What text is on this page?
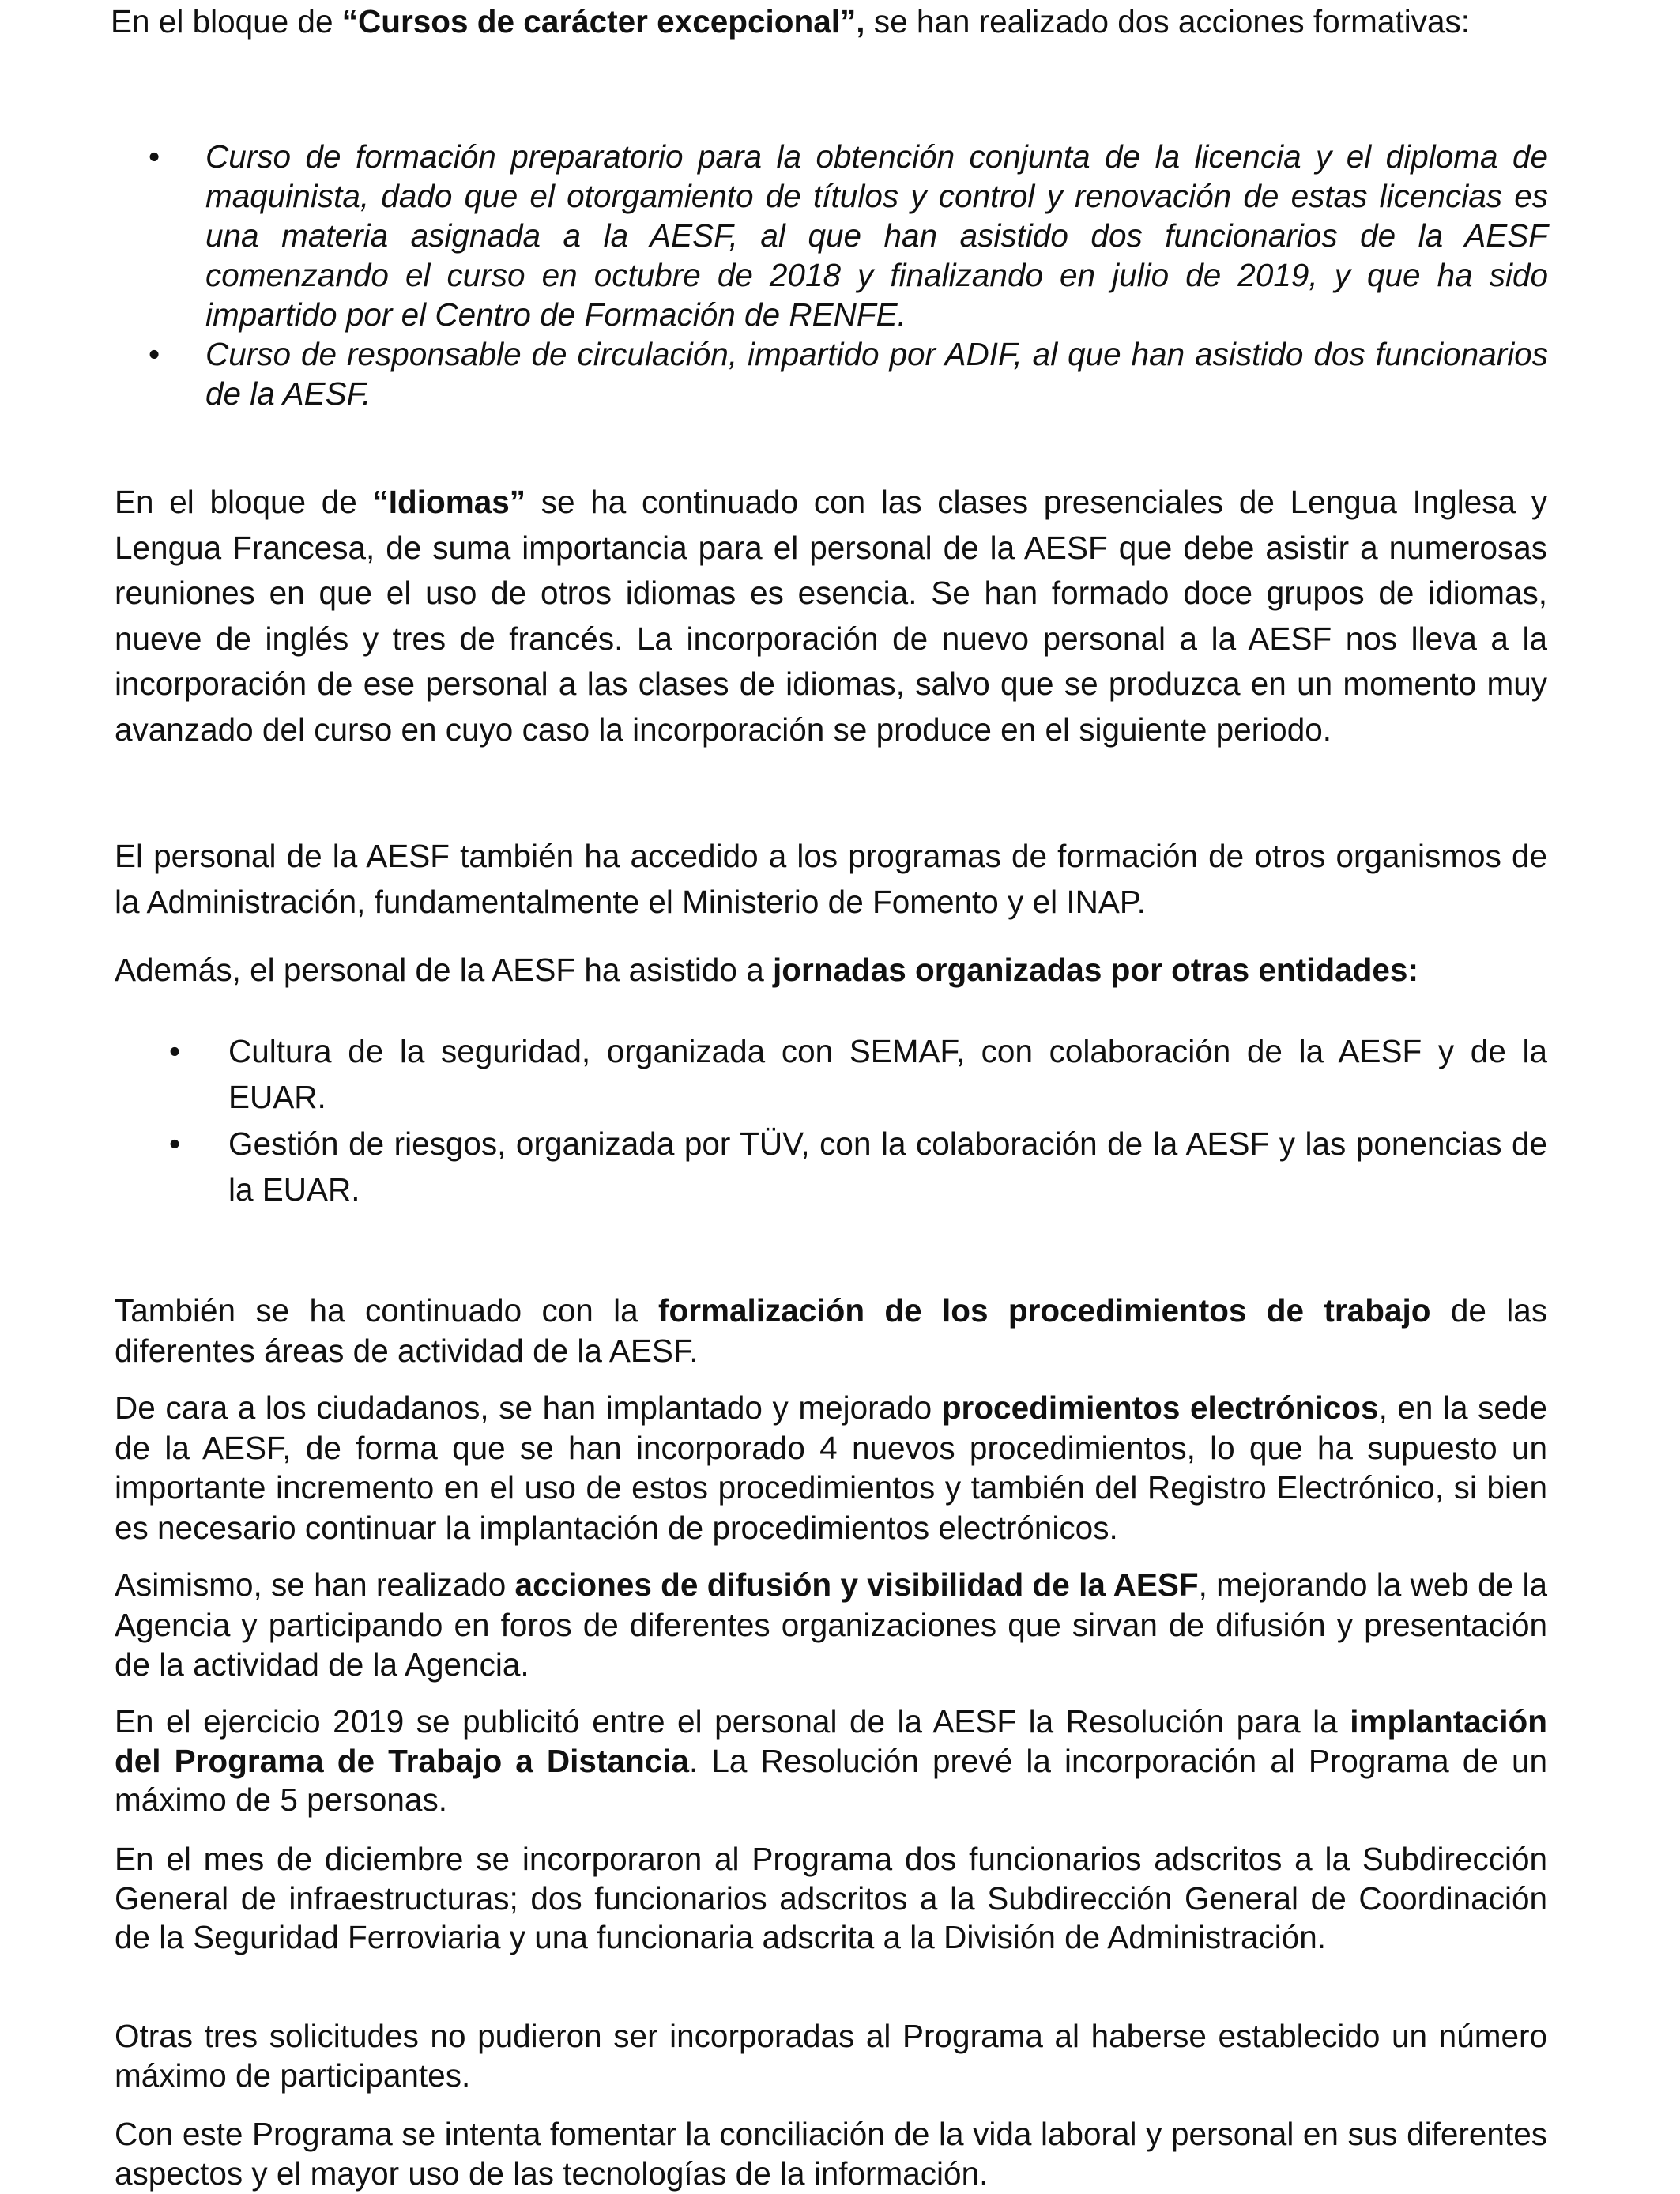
En el bloque de “Cursos de carácter excepcional”, se han realizado dos acciones formativas:

• Curso de formación preparatorio para la obtención conjunta de la licencia y el diploma de maquinista, dado que el otorgamiento de títulos y control y renovación de estas licencias es una materia asignada a la AESF, al que han asistido dos funcionarios de la AESF comenzando el curso en octubre de 2018 y finalizando en julio de 2019, y que ha sido impartido por el Centro de Formación de RENFE.
• Curso de responsable de circulación, impartido por ADIF, al que han asistido dos funcionarios de la AESF.

En el bloque de “Idiomas” se ha continuado con las clases presenciales de Lengua Inglesa y Lengua Francesa, de suma importancia para el personal de la AESF que debe asistir a numerosas reuniones en que el uso de otros idiomas es esencia. Se han formado doce grupos de idiomas, nueve de inglés y tres de francés. La incorporación de nuevo personal a la AESF nos lleva a la incorporación de ese personal a las clases de idiomas, salvo que se produzca en un momento muy avanzado del curso en cuyo caso la incorporación se produce en el siguiente periodo.

El personal de la AESF también ha accedido a los programas de formación de otros organismos de la Administración, fundamentalmente el Ministerio de Fomento y el INAP.

Además, el personal de la AESF ha asistido a jornadas organizadas por otras entidades:

• Cultura de la seguridad, organizada con SEMAF, con colaboración de la AESF y de la EUAR.
• Gestión de riesgos, organizada por TÜV, con la colaboración de la AESF y las ponencias de la EUAR.

También se ha continuado con la formalización de los procedimientos de trabajo de las diferentes áreas de actividad de la AESF.

De cara a los ciudadanos, se han implantado y mejorado procedimientos electrónicos, en la sede de la AESF, de forma que se han incorporado 4 nuevos procedimientos, lo que ha supuesto un importante incremento en el uso de estos procedimientos y también del Registro Electrónico, si bien es necesario continuar la implantación de procedimientos electrónicos.

Asimismo, se han realizado acciones de difusión y visibilidad de la AESF, mejorando la web de la Agencia y participando en foros de diferentes organizaciones que sirvan de difusión y presentación de la actividad de la Agencia.

En el ejercicio 2019 se publicitó entre el personal de la AESF la Resolución para la implantación del Programa de Trabajo a Distancia. La Resolución prevé la incorporación al Programa de un máximo de 5 personas.

En el mes de diciembre se incorporaron al Programa dos funcionarios adscritos a la Subdirección General de infraestructuras; dos funcionarios adscritos a la Subdirección General de Coordinación de la Seguridad Ferroviaria y una funcionaria adscrita a la División de Administración.

Otras tres solicitudes no pudieron ser incorporadas al Programa al haberse establecido un número máximo de participantes.

Con este Programa se intenta fomentar la conciliación de la vida laboral y personal en sus diferentes aspectos y el mayor uso de las tecnologías de la información.
